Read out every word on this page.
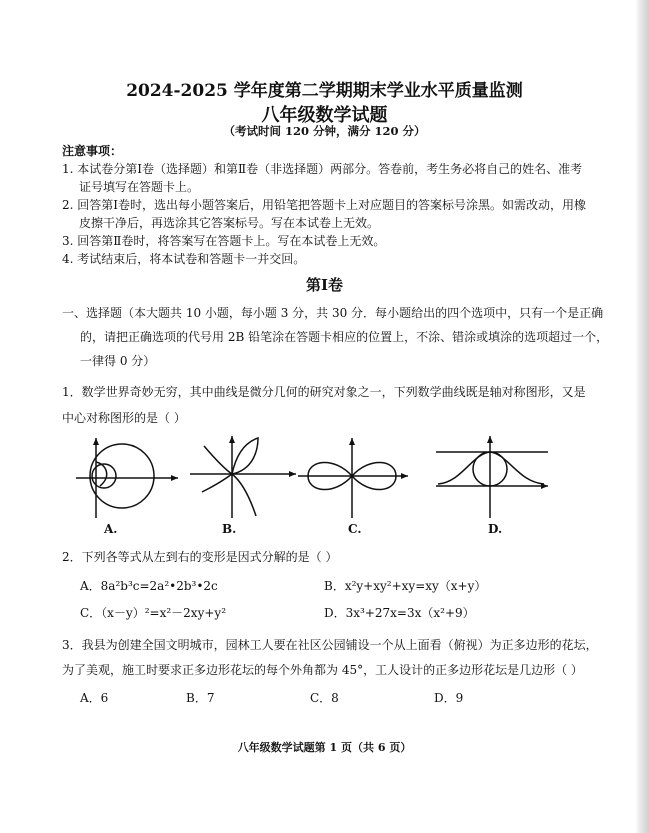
2024-2025 学年度第二学期期末学业水平质量监测
八年级数学试题
（考试时间 120 分钟，满分 120 分）
注意事项：
1. 本试卷分第Ⅰ卷（选择题）和第Ⅱ卷（非选择题）两部分。答卷前，考生务必将自己的姓名、准考
证号填写在答题卡上。
2. 回答第Ⅰ卷时，选出每小题答案后，用铅笔把答题卡上对应题目的答案标号涂黑。如需改动，用橡
皮擦干净后，再选涂其它答案标号。写在本试卷上无效。
3. 回答第Ⅱ卷时，将答案写在答题卡上。写在本试卷上无效。
4. 考试结束后，将本试卷和答题卡一并交回。
第Ⅰ卷
一、选择题（本大题共 10 小题，每小题 3 分，共 30 分．每小题给出的四个选项中，只有一个是正确
的，请把正确选项的代号用 2B 铅笔涂在答题卡相应的位置上，不涂、错涂或填涂的选项超过一个，
一律得 0 分）
1．数学世界奇妙无穷，其中曲线是微分几何的研究对象之一，下列数学曲线既是轴对称图形，又是
中心对称图形的是（ ）
A.	B.	C.	D.
2．下列各等式从左到右的变形是因式分解的是（ ）
A．8a²b³c=2a²•2b³•2c	B．x²y+xy²+xy=xy（x+y）
C．（x－y）²=x²－2xy+y²	D．3x³+27x=3x（x²+9）
3．我县为创建全国文明城市，园林工人要在社区公园铺设一个从上面看（俯视）为正多边形的花坛，
为了美观，施工时要求正多边形花坛的每个外角都为 45°，工人设计的正多边形花坛是几边形（ ）
A．6	B．7	C．8	D．9
八年级数学试题第 1 页（共 6 页）
